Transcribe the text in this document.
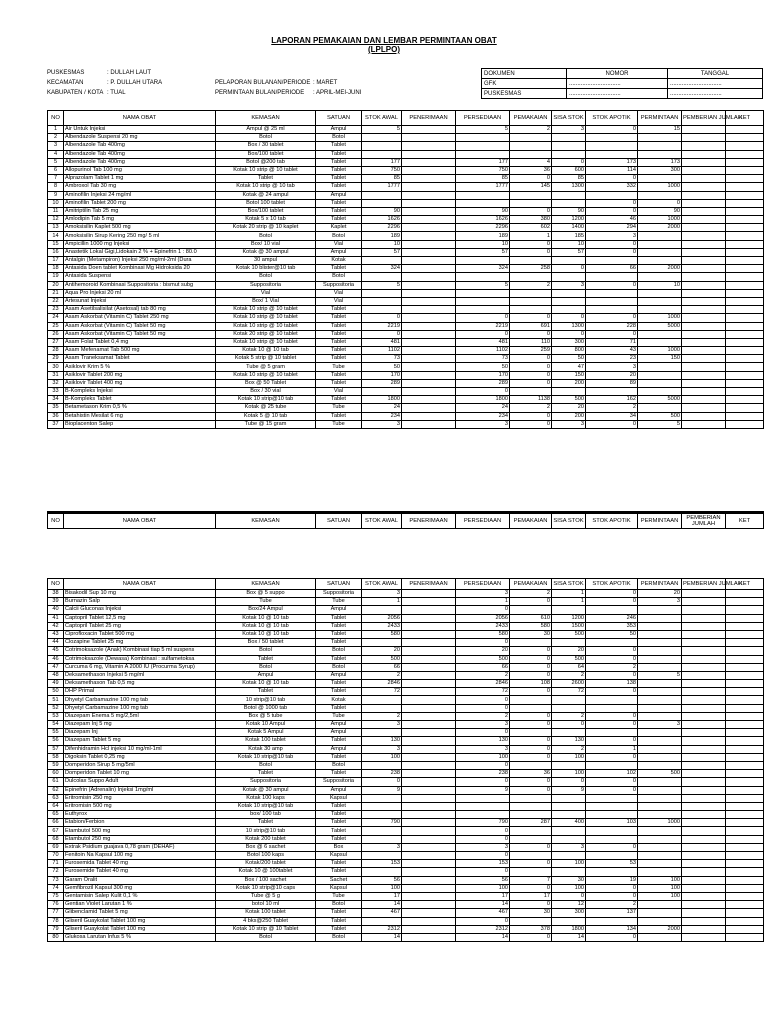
LAPORAN PEMAKAIAN DAN LEMBAR PERMINTAAN OBAT
(LPLPO)
PUSKESMAS	: DULLAH LAUT
KECAMATAN	: P. DULLAH UTARA
KABUPATEN / KOTA : TUAL
PELAPORAN BULANAN/PERIODE : MARET
PERMINTAAN BULAN/PERIODE : APRIL-MEI-JUNI
DOKUMEN	NOMOR	TANGGAL
GFK	...............................	...............................
PUSKESMAS	...............................	...............................
NO	NAMA OBAT	KEMASAN	SATUAN	STOK AWAL	PENERIMAAN	PERSEDIAAN	PEMAKAIAN	SISA STOK	STOK APOTIK	PERMINTAAN	PEMBERIAN JUMLAH	KET
1	Air Untuk Injeksi	Ampul @ 25 ml	Ampul	5		5	2	3	0	15		
2	Albendazole Suspensi 20 mg	Botol	Botol									
3	Albendazole Tab 400mg	Box / 30 tablet	Tablet									
4	Albendazole Tab 400mg	Box/100 tablet	Tablet									
5	Albendazole Tab 400mg	Botol @200 tab	Tablet	177		177	4	0	173	173		
6	Allopurinol Tab 100 mg	Kotak 10 strip @ 10 tablet	Tablet	750		750	36	600	114	300		
7	Alprazolam Tablet 1 mg	Tablet	Tablet	85		85	0	85	0			
8	Ambroxol Tab 30 mg	Kotak 10 strip @ 10 tab	Tablet	1777		1777	145	1300	332	1000		
9	Aminofilin Injeksi 24 mg/ml	Kotak @ 24 ampul	Ampul									
10	Aminofilin Tablet 200 mg	Botol 100 tablet	Tablet						0	0		
11	Amitriptilin Tab 25 mg	Box/100 tablet	Tablet	90		90	0	90	0	90		
12	Amlodipin Tab 5 mg	Kotak 5 x 10 tab	Tablet	1626		1626	380	1200	46	1000		
13	Amoksisilin Kaplet 500 mg	Kotak 20 strip @ 10 kaplet	Kaplet	2296		2296	602	1400	294	2000		
14	Amoksisilin Sirup Kering 250 mg/ 5 ml	Botol	Botol	189		189	1	185	3			
15	Ampicillin 1000 mg Injeksi	Box/ 10 vial	Vial	10		10	0	10	0			
16	Anastetik Lokal Gigi,Lidokain 2 % + Epinefrin 1 : 80.0	Kotak @ 30 ampul	Ampul	57		57	0	57	0			
17	Antalgin (Metampiron) Injeksi 250 mg/ml-2ml (Dura	30 ampul	Kotak									
18	Antasida Doen tablet Kombinasi Mg Hidroksida 20	Kotak 10 blister@10 tab	Tablet	324		324	258	0	66	2000		
19	Antasida Suspensi	Botol	Botol									
20	Antihemoroid Kombinasi Suppositoria : bismut subg	Suppositoria	Suppositoria	5		5	2	3	0	10		
21	Aqua Pro Injeksi 20 ml	Vial	Vial									
22	Artesunat Injeksi	Box/ 1 Vial	Vial									
23	Asam Asetilsalisilat (Asetosal) tab 80 mg	Kotak 10 strip @ 10 tablet	Tablet									
24	Asam Askorbat (Vitamin C) Tablet 250 mg	Kotak 10 strip @ 10 tablet	Tablet	0		0	0	0	0	1000		
25	Asam Askorbat (Vitamin C) Tablet 50 mg	Kotak 10 strip @ 10 tablet	Tablet	2219		2219	691	1300	228	5000		
26	Asam Askorbat (Vitamin C) Tablet 50 mg	Kotak 20 strip @ 10 tablet	Tablet	0		0	0	0	0			
27	Asam Folat Tablet 0,4 mg	Kotak 10 strip @ 10 tablet	Tablet	481		481	110	300	71			
28	Asam Mefenamat Tab 500 mg	Kotak 10 @ 10 tab	Tablet	1102		1102	259	800	43	1000		
29	Asam Traneksamat Tablet	Kotak 5 strip @ 10 tablet	Tablet	73		73	0	50	23	150		
30	Asiklovir Krim 5 %	Tube @ 5 gram	Tube	50		50	0	47	3			
31	Asiklovir Tablet 200 mg	Kotak 10 strip @ 10 tablet	Tablet	170		170	0	150	20			
32	Asiklovir Tablet 400 mg	Box @ 50 Tablet	Tablet	289		289	0	200	89			
33	B-Kompleks Injeksi	Box / 30 vial	Vial			0						
34	B-Kompleks Tablet	Kotak 10 strip@10 tab	Tablet	1800		1800	1138	500	162	5000		
35	Betametason Krim 0,5 %	Kotak @ 25 tube	Tube	24		24	2	20	2			
36	Betahistin Mesilat 6 mg	Kotak 5 @ 10 tab	Tablet	234		234	0	200	34	500		
37	Bioplacenton Salep	Tube @ 15 gram	Tube	3		3	0	3	0	5		
NO	NAMA OBAT	KEMASAN	SATUAN	STOK AWAL	PENERIMAAN	PERSEDIAAN	PEMAKAIAN	SISA STOK	STOK APOTIK	PERMINTAAN	PEMBERIAN JUMLAH	KET
NO	NAMA OBAT	KEMASAN	SATUAN	STOK AWAL	PENERIMAAN	PERSEDIAAN	PEMAKAIAN	SISA STOK	STOK APOTIK	PERMINTAAN	PEMBERIAN JUMLAH	KET
38	Bisakodil Sup 10 mg	Box @ 5 suppo	Suppositoria	3		3	2	1	0	20		
39	Burnazin Salp	Tube	Tube	1		1	0	1	0	3		
40	Calcii Gluconas Injeksi	Box/24 Ampul	Ampul			0						
41	Captopril Tablet 12,5 mg	Kotak 10 @ 10 tab	Tablet	2056		2056	610	1200	246			
42	Captopril Tablet 25 mg	Kotak 10 @ 10 tab	Tablet	2433		2433	580	1500	353			
43	Ciprofloxacin Tablet 500 mg	Kotak 10 @ 10 tab	Tablet	580		580	30	500	50			
44	Clozapine Tablet 25 mg	Box / 50 tablet	Tablet			0						
45	Cotrimoksazole (Anak) Kombinasi tiap 5 ml suspens	Botol	Botol	20		20	0	20	0			
46	Cotrimoksazole (Dewasa) Kombinasi : sulfametoksa	Tablet	Tablet	500		500	0	500	0			
47	Curcuma 6 mg, Vitamin A 2000 IU (Procurma Syrup)	Botol	Botol	66		66	0	64	2			
48	Deksamethason Injeksi 5 mg/ml	Ampul	Ampul	2		2	0	2	0	5		
49	Deksamethason Tab 0,5 mg	Kotak 10 @ 10 tab	Tablet	2846		2846	108	2600	138			
50	DHP Primal	Tablet	Tablet	72		72	0	72	0			
51	Dhyetyl Carbamazine 100 mg tab	10 strip@10 tab	Kotak			0						
52	Dhyetyl Carbamazine 100 mg tab	Botol @ 1000 tab	Tablet			0						
53	Diazepam Enema 5 mg/2,5ml	Box @ 5 tube	Tube	2		2	0	2	0			
54	Diazepam Inj 5 mg	Kotak 10 Ampul	Ampul	3		3	0	0	0	3		
55	Diazepam Inj	Kotak 5 Ampul	Ampul			0						
56	Diazepam Tablet 5 mg	Kotak 100 tablet	Tablet	130		130	0	130	0			
57	Difenhidramin Hcl injeksi 10 mg/ml-1ml	Kotak 30 amp	Ampul	3		3	0	2	1			
58	Digoksin Tablet 0,25 mg	Kotak 10 strip@10 tab	Tablet	100		100	0	100	0			
59	Domperidon Sirup 5 mg/5ml	Botol	Botol			0						
60	Domperidon Tablet 10 mg	Tablet	Tablet	238		238	36	100	102	500		
61	Dulcolax Suppo Adult	Suppositoria	Suppositoria	0		0	0	0	0			
62	Epinefrin (Adrenalin) Injeksi 1mg/ml	Kotak @ 30 ampul	Ampul	9		9	0	9	0			
63	Eritromisin 250 mg	Kotak 100 kaps	Kapsul									
64	Eritromisin 500 mg	Kotak 10 strip@10 tab	Tablet									
65	Euthyrox	box/ 100 tab	Tablet									
66	Etabion/Ferbion	Tablet	Tablet	790		790	287	400	103	1000		
67	Etambutol 500 mg	10 strip@10 tab	Tablet			0						
68	Etambutol 250 mg	Kotak 200 tablet	Tablet			0						
69	Extrak Psidium guajava 0,78 gram (DEHAF)	Box @ 6 sachet	Box	3		3	0	3	0			
70	Fenitoin Na Kapsul 100 mg	Botol 100 kaps	Kapsul			0						
71	Furosemida Tablet 40 mg	Kotak/200 tablet	Tablet	153		153	0	100	53			
72	Furosemide Tablet 40 mg	Kotak 10 @ 100tablet	Tablet			0						
73	Garam Oralit	Box / 100 sachet	Sachet	56		56	7	30	19	100		
74	Gemfibrozil Kapsul 300 mg	Kotak 10 strip@10 caps	Kapsul	100		100	0	100	0	100		
75	Gentamisin Salep Kulit 0,1 %	Tube @ 5 g	Tube	17		17	17	0	0	100		
76	Gentian Violet Larutan 1 %	botol 10 ml	Botol	14		14	0	12	2			
77	Glibenclamid Tablet 5 mg	Kotak 100 tablet	Tablet	467		467	30	300	137			
78	Gliseril Guaykolat Tablet 100 mg	4 bks@250 Tablet	Tablet			0						
79	Gliseril Guaykolat Tablet 100 mg	Kotak 10 strip @ 10 Tablet	Tablet	2312		2312	378	1800	134	2000		
80	Glukosa Larutan Infus 5 %	Botol	Botol	14		14	0	14	0			
